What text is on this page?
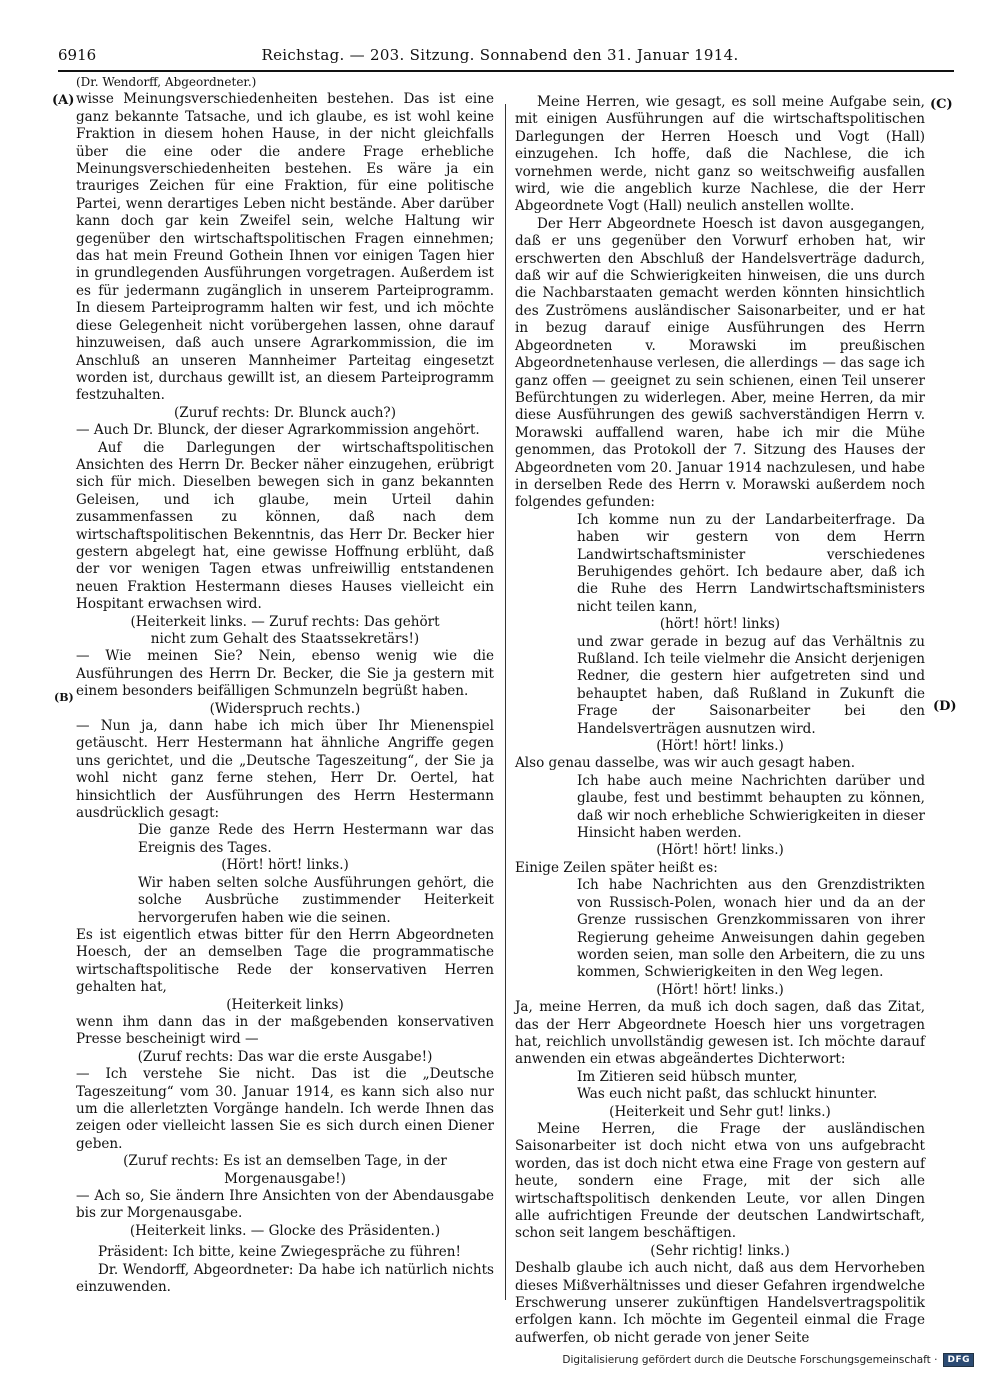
6916	Reichstag. — 203. Sitzung. Sonnabend den 31. Januar 1914.
(A)
(B)
(C)
(D)

(Dr. Wendorff, Abgeordneter.)

wisse Meinungsverschiedenheiten bestehen. Das ist eine ganz bekannte Tatsache, und ich glaube, es ist wohl keine Fraktion in diesem hohen Hause, in der nicht gleichfalls über die eine oder die andere Frage erhebliche Meinungsverschiedenheiten bestehen. Es wäre ja ein trauriges Zeichen für eine Fraktion, für eine politische Partei, wenn derartiges Leben nicht bestände. Aber darüber kann doch gar kein Zweifel sein, welche Haltung wir gegenüber den wirtschaftspolitischen Fragen einnehmen; das hat mein Freund Gothein Ihnen vor einigen Tagen hier in grundlegenden Ausführungen vorgetragen. Außerdem ist es für jedermann zugänglich in unserem Parteiprogramm. In diesem Parteiprogramm halten wir fest, und ich möchte diese Gelegenheit nicht vorübergehen lassen, ohne darauf hinzuweisen, daß auch unsere Agrarkommission, die im Anschluß an unseren Mannheimer Parteitag eingesetzt worden ist, durchaus gewillt ist, an diesem Parteiprogramm festzuhalten.

(Zuruf rechts: Dr. Blunck auch?)

— Auch Dr. Blunck, der dieser Agrarkommission angehört.

Auf die Darlegungen der wirtschaftspolitischen Ansichten des Herrn Dr. Becker näher einzugehen, erübrigt sich für mich. Dieselben bewegen sich in ganz bekannten Geleisen, und ich glaube, mein Urteil dahin zusammenfassen zu können, daß nach dem wirtschaftspolitischen Bekenntnis, das Herr Dr. Becker hier gestern abgelegt hat, eine gewisse Hoffnung erblüht, daß der vor wenigen Tagen etwas unfreiwillig entstandenen neuen Fraktion Hestermann dieses Hauses vielleicht ein Hospitant erwachsen wird.

(Heiterkeit links. — Zuruf rechts: Das gehört nicht zum Gehalt des Staatssekretärs!)

— Wie meinen Sie? Nein, ebenso wenig wie die Ausführungen des Herrn Dr. Becker, die Sie ja gestern mit einem besonders beifälligen Schmunzeln begrüßt haben.

(Widerspruch rechts.)

— Nun ja, dann habe ich mich über Ihr Mienenspiel getäuscht. Herr Hestermann hat ähnliche Angriffe gegen uns gerichtet, und die „Deutsche Tageszeitung“, der Sie ja wohl nicht ganz ferne stehen, Herr Dr. Oertel, hat hinsichtlich der Ausführungen des Herrn Hestermann ausdrücklich gesagt:

Die ganze Rede des Herrn Hestermann war das Ereignis des Tages.

(Hört! hört! links.)

Wir haben selten solche Ausführungen gehört, die solche Ausbrüche zustimmender Heiterkeit hervorgerufen haben wie die seinen.

Es ist eigentlich etwas bitter für den Herrn Abgeordneten Hoesch, der an demselben Tage die programmatische wirtschaftspolitische Rede der konservativen Herren gehalten hat,

(Heiterkeit links)

wenn ihm dann das in der maßgebenden konservativen Presse bescheinigt wird —

(Zuruf rechts: Das war die erste Ausgabe!)

— Ich verstehe Sie nicht. Das ist die „Deutsche Tageszeitung“ vom 30. Januar 1914, es kann sich also nur um die allerletzten Vorgänge handeln. Ich werde Ihnen das zeigen oder vielleicht lassen Sie es sich durch einen Diener geben.

(Zuruf rechts: Es ist an demselben Tage, in der Morgenausgabe!)

— Ach so, Sie ändern Ihre Ansichten von der Abendausgabe bis zur Morgenausgabe.

(Heiterkeit links. — Glocke des Präsidenten.)

Präsident: Ich bitte, keine Zwiegespräche zu führen!

Dr. Wendorff, Abgeordneter: Da habe ich natürlich nichts einzuwenden.

Meine Herren, wie gesagt, es soll meine Aufgabe sein, mit einigen Ausführungen auf die wirtschaftspolitischen Darlegungen der Herren Hoesch und Vogt (Hall) einzugehen. Ich hoffe, daß die Nachlese, die ich vornehmen werde, nicht ganz so weitschweifig ausfallen wird, wie die angeblich kurze Nachlese, die der Herr Abgeordnete Vogt (Hall) neulich anstellen wollte.

Der Herr Abgeordnete Hoesch ist davon ausgegangen, daß er uns gegenüber den Vorwurf erhoben hat, wir erschwerten den Abschluß der Handelsverträge dadurch, daß wir auf die Schwierigkeiten hinweisen, die uns durch die Nachbarstaaten gemacht werden könnten hinsichtlich des Zuströmens ausländischer Saisonarbeiter, und er hat in bezug darauf einige Ausführungen des Herrn Abgeordneten v. Morawski im preußischen Abgeordnetenhause verlesen, die allerdings — das sage ich ganz offen — geeignet zu sein schienen, einen Teil unserer Befürchtungen zu widerlegen. Aber, meine Herren, da mir diese Ausführungen des gewiß sachverständigen Herrn v. Morawski auffallend waren, habe ich mir die Mühe genommen, das Protokoll der 7. Sitzung des Hauses der Abgeordneten vom 20. Januar 1914 nachzulesen, und habe in derselben Rede des Herrn v. Morawski außerdem noch folgendes gefunden:

Ich komme nun zu der Landarbeiterfrage. Da haben wir gestern von dem Herrn Landwirtschaftsminister verschiedenes Beruhigendes gehört. Ich bedaure aber, daß ich die Ruhe des Herrn Landwirtschaftsministers nicht teilen kann,

(hört! hört! links)

und zwar gerade in bezug auf das Verhältnis zu Rußland. Ich teile vielmehr die Ansicht derjenigen Redner, die gestern hier aufgetreten sind und behauptet haben, daß Rußland in Zukunft die Frage der Saisonarbeiter bei den Handelsverträgen ausnutzen wird.

(Hört! hört! links.)

Also genau dasselbe, was wir auch gesagt haben.

Ich habe auch meine Nachrichten darüber und glaube, fest und bestimmt behaupten zu können, daß wir noch erhebliche Schwierigkeiten in dieser Hinsicht haben werden.

(Hört! hört! links.)

Einige Zeilen später heißt es:

Ich habe Nachrichten aus den Grenzdistrikten von Russisch-Polen, wonach hier und da an der Grenze russischen Grenzkommissaren von ihrer Regierung geheime Anweisungen dahin gegeben worden seien, man solle den Arbeitern, die zu uns kommen, Schwierigkeiten in den Weg legen.

(Hört! hört! links.)

Ja, meine Herren, da muß ich doch sagen, daß das Zitat, das der Herr Abgeordnete Hoesch hier uns vorgetragen hat, reichlich unvollständig gewesen ist. Ich möchte darauf anwenden ein etwas abgeändertes Dichterwort:

Im Zitieren seid hübsch munter,

Was euch nicht paßt, das schluckt hinunter.

(Heiterkeit und Sehr gut! links.)

Meine Herren, die Frage der ausländischen Saisonarbeiter ist doch nicht etwa von uns aufgebracht worden, das ist doch nicht etwa eine Frage von gestern auf heute, sondern eine Frage, mit der sich alle wirtschaftspolitisch denkenden Leute, vor allen Dingen alle aufrichtigen Freunde der deutschen Landwirtschaft, schon seit langem beschäftigen.

(Sehr richtig! links.)

Deshalb glaube ich auch nicht, daß aus dem Hervorheben dieses Mißverhältnisses und dieser Gefahren irgendwelche Erschwerung unserer zukünftigen Handelsvertragspolitik erfolgen kann. Ich möchte im Gegenteil einmal die Frage aufwerfen, ob nicht gerade von jener Seite

Digitalisierung gefördert durch die Deutsche Forschungsgemeinschaft ·	DFG
